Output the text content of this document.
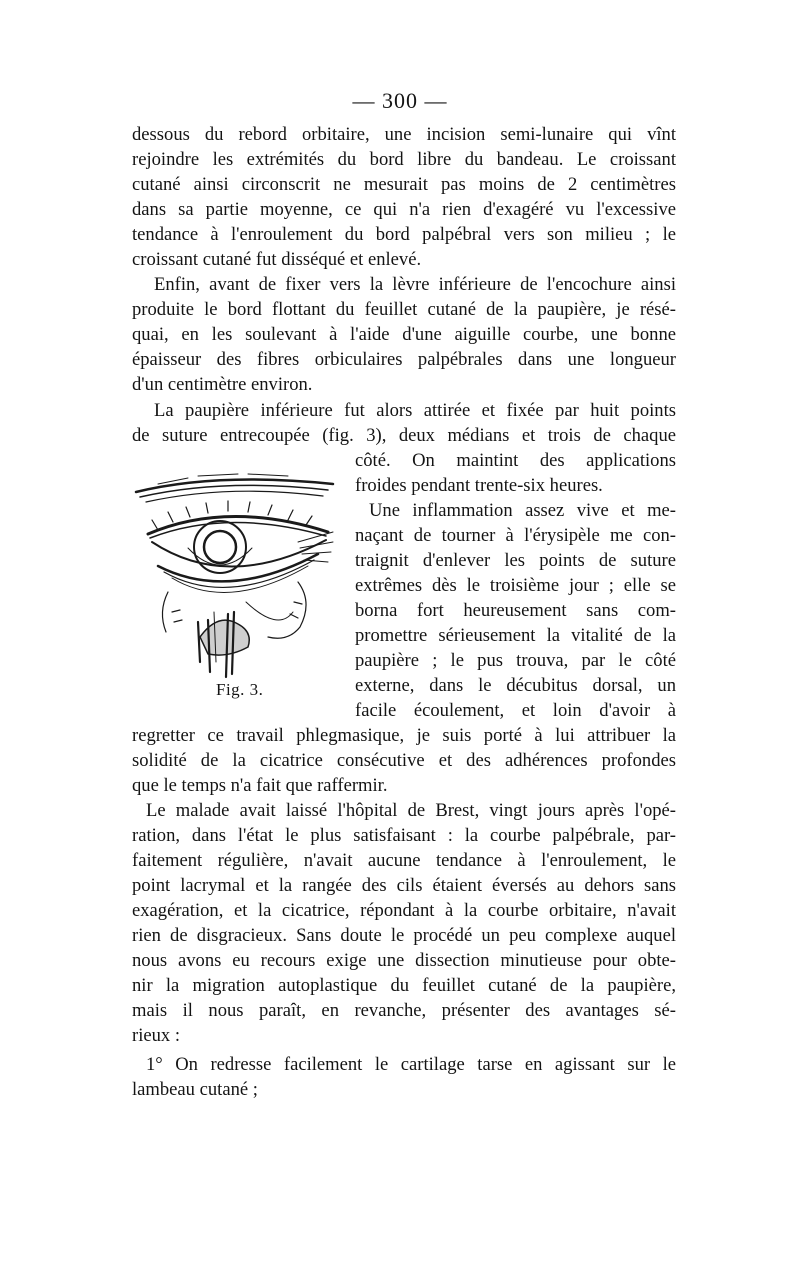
— 300 —
dessous du rebord orbitaire, une incision semi-lunaire qui vînt
rejoindre les extrémités du bord libre du bandeau. Le croissant
cutané ainsi circonscrit ne mesurait pas moins de 2 centimètres
dans sa partie moyenne, ce qui n'a rien d'exagéré vu l'excessive
tendance à l'enroulement du bord palpébral vers son milieu ; le
croissant cutané fut disséqué et enlevé.
Enfin, avant de fixer vers la lèvre inférieure de l'encochure ainsi
produite le bord flottant du feuillet cutané de la paupière, je résé-
quai, en les soulevant à l'aide d'une aiguille courbe, une bonne
épaisseur des fibres orbiculaires palpébrales dans une longueur
d'un centimètre environ.
La paupière inférieure fut alors attirée et fixée par huit points
de suture entrecoupée (fig. 3), deux médians et trois de chaque
côté. On maintint des applications
froides pendant trente-six heures.
Une inflammation assez vive et me-
naçant de tourner à l'érysipèle me con-
traignit d'enlever les points de suture
extrêmes dès le troisième jour ; elle se
borna fort heureusement sans com-
promettre sérieusement la vitalité de la
paupière ; le pus trouva, par le côté
externe, dans le décubitus dorsal, un
facile écoulement, et loin d'avoir à
Fig. 3.
regretter ce travail phlegmasique, je suis porté à lui attribuer la
solidité de la cicatrice consécutive et des adhérences profondes
que le temps n'a fait que raffermir.
Le malade avait laissé l'hôpital de Brest, vingt jours après l'opé-
ration, dans l'état le plus satisfaisant : la courbe palpébrale, par-
faitement régulière, n'avait aucune tendance à l'enroulement, le
point lacrymal et la rangée des cils étaient éversés au dehors sans
exagération, et la cicatrice, répondant à la courbe orbitaire, n'avait
rien de disgracieux. Sans doute le procédé un peu complexe auquel
nous avons eu recours exige une dissection minutieuse pour obte-
nir la migration autoplastique du feuillet cutané de la paupière,
mais il nous paraît, en revanche, présenter des avantages sé-
rieux :
1° On redresse facilement le cartilage tarse en agissant sur le
lambeau cutané ;
